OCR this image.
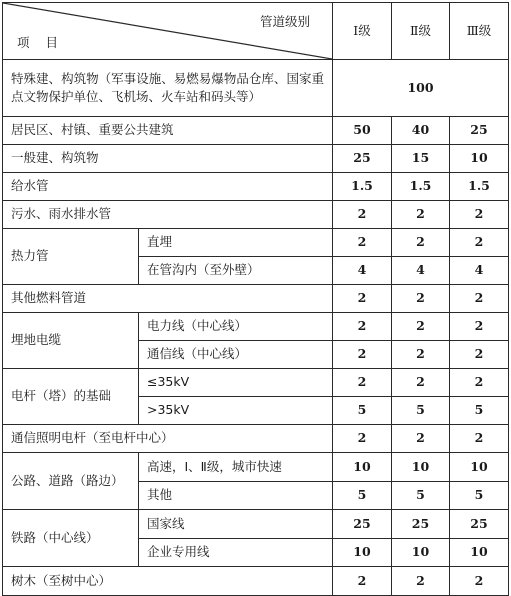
管道级别
项 目		Ⅰ级	Ⅱ级	Ⅲ级
特殊建、构筑物（军事设施、易燃易爆物品仓库、国家重点文物保护单位、飞机场、火车站和码头等）		100		
居民区、村镇、重要公共建筑		50	40	25
一般建、构筑物		25	15	10
给水管		1.5	1.5	1.5
污水、雨水排水管		2	2	2
热力管	直埋	2	2	2
	在管沟内（至外壁）	4	4	4
其他燃料管道		2	2	2
埋地电缆	电力线（中心线）	2	2	2
	通信线（中心线）	2	2	2
电杆（塔）的基础	≤35kV	2	2	2
	>35kV	5	5	5
通信照明电杆（至电杆中心）		2	2	2
公路、道路（路边）	高速，Ⅰ、Ⅱ级，城市快速	10	10	10
	其他	5	5	5
铁路（中心线）	国家线	25	25	25
	企业专用线	10	10	10
树木（至树中心）		2	2	2
